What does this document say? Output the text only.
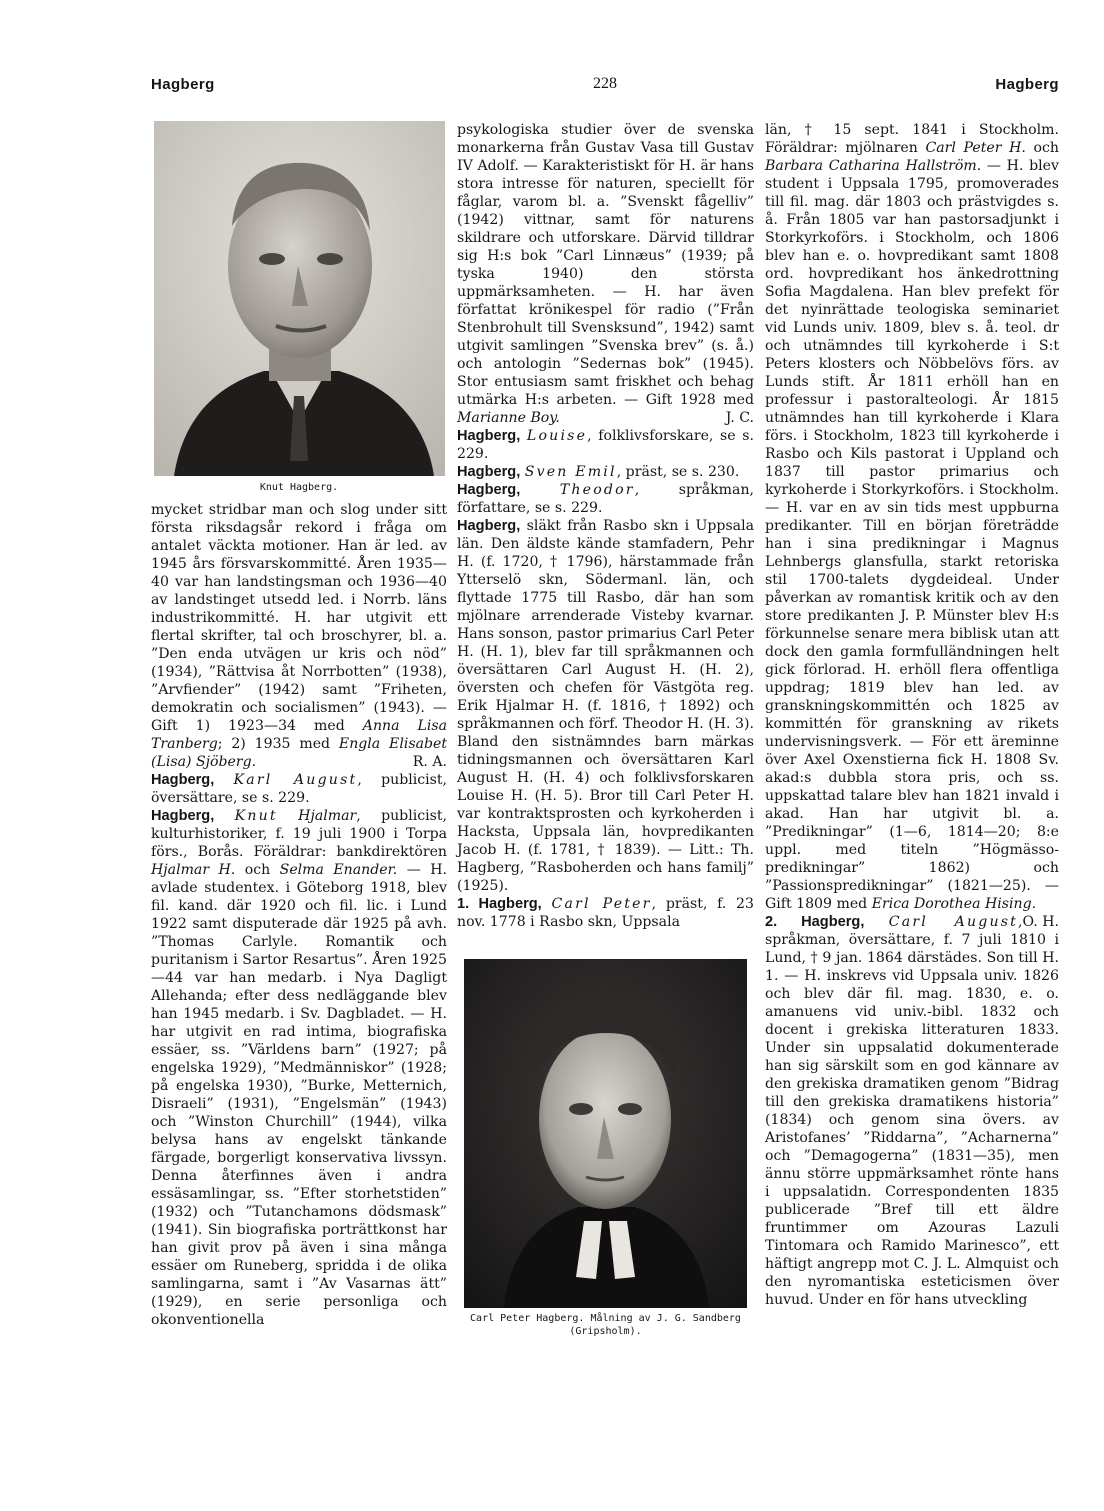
Hagberg	228	Hagberg
Knut Hagberg.

mycket stridbar man och slog under sitt första riksdagsår rekord i fråga om antalet väckta motioner. Han är led. av 1945 års försvarskommitté. Åren 1935—40 var han landstingsman och 1936—40 av landstinget utsedd led. i Norrb. läns industrikommitté. H. har utgivit ett flertal skrifter, tal och broschyrer, bl. a. ”Den enda utvägen ur kris och nöd” (1934), ”Rättvisa åt Norrbotten” (1938), ”Arvfiender” (1942) samt ”Friheten, demokratin och socialismen” (1943). — Gift 1) 1923—34 med Anna Lisa Tranberg; 2) 1935 med Engla Elisabet (Lisa) Sjöberg.	R. A.

Hagberg, Karl August, publicist, översättare, se s. 229.

Hagberg, Knut Hjalmar, publicist, kulturhistoriker, f. 19 juli 1900 i Torpa förs., Borås. Föräldrar: bankdirektören Hjalmar H. och Selma Enander. — H. avlade studentex. i Göteborg 1918, blev fil. kand. där 1920 och fil. lic. i Lund 1922 samt disputerade där 1925 på avh. ”Thomas Carlyle. Romantik och puritanism i Sartor Resartus”. Åren 1925—44 var han medarb. i Nya Dagligt Allehanda; efter dess nedläggande blev han 1945 medarb. i Sv. Dagbladet. — H. har utgivit en rad intima, biografiska essäer, ss. ”Världens barn” (1927; på engelska 1929), ”Medmänniskor” (1928; på engelska 1930), ”Burke, Metternich, Disraeli” (1931), ”Engelsmän” (1943) och ”Winston Churchill” (1944), vilka belysa hans av engelskt tänkande färgade, borgerligt konservativa livssyn. Denna återfinnes även i andra essäsamlingar, ss. ”Efter storhetstiden” (1932) och ”Tutanchamons dödsmask” (1941). Sin biografiska porträttkonst har han givit prov på även i sina många essäer om Runeberg, spridda i de olika samlingarna, samt i ”Av Vasarnas ätt” (1929), en serie personliga och okonventionella

psykologiska studier över de svenska monarkerna från Gustav Vasa till Gustav IV Adolf. — Karakteristiskt för H. är hans stora intresse för naturen, speciellt för fåglar, varom bl. a. ”Svenskt fågelliv” (1942) vittnar, samt för naturens skildrare och utforskare. Därvid tilldrar sig H:s bok ”Carl Linnæus” (1939; på tyska 1940) den största uppmärksamheten. — H. har även författat krönikespel för radio (”Från Stenbrohult till Svensksund”, 1942) samt utgivit samlingen ”Svenska brev” (s. å.) och antologin ”Sedernas bok” (1945). Stor entusiasm samt friskhet och behag utmärka H:s arbeten. — Gift 1928 med Marianne Boy.	J. C.

Hagberg, Louise, folklivsforskare, se s. 229.

Hagberg, Sven Emil, präst, se s. 230.

Hagberg,	Theodor, språkman, författare, se s. 229.

Hagberg, släkt från Rasbo skn i Uppsala län. Den äldste kände stamfadern, Pehr H. (f. 1720, † 1796), härstammade från Ytterselö skn, Södermanl. län, och flyttade 1775 till Rasbo, där han som mjölnare arrenderade Visteby kvarnar. Hans sonson, pastor primarius Carl Peter H. (H. 1), blev far till språkmannen och översättaren Carl August H. (H. 2), översten och chefen för Västgöta reg. Erik Hjalmar H. (f. 1816, † 1892) och språkmannen och förf. Theodor H. (H. 3). Bland den sistnämndes barn märkas tidningsmannen och översättaren Karl August H. (H. 4) och folklivsforskaren Louise H. (H. 5). Bror till Carl Peter H. var kontraktsprosten och kyrkoherden i Hacksta, Uppsala län, hovpredikanten Jacob H. (f. 1781, † 1839). — Litt.: Th. Hagberg, ”Rasboherden och hans familj” (1925).

1. Hagberg, Carl Peter, präst, f. 23 nov. 1778 i Rasbo skn, Uppsala

Carl Peter Hagberg. Målning av J. G. Sandberg (Gripsholm).

län, † 15 sept. 1841 i Stockholm. Föräldrar: mjölnaren Carl Peter H. och Barbara Catharina Hallström. — H. blev student i Uppsala 1795, promoverades till fil. mag. där 1803 och prästvigdes s. å. Från 1805 var han pastorsadjunkt i Storkyrkoförs. i Stockholm, och 1806 blev han e. o. hovpredikant samt 1808 ord. hovpredikant hos änkedrottning Sofia Magdalena. Han blev prefekt för det nyinrättade teologiska seminariet vid Lunds univ. 1809, blev s. å. teol. dr och utnämndes till kyrkoherde i S:t Peters klosters och Nöbbelövs förs. av Lunds stift. År 1811 erhöll han en professur i pastoralteologi. År 1815 utnämndes han till kyrkoherde i Klara förs. i Stockholm, 1823 till kyrkoherde i Rasbo och Kils pastorat i Uppland och 1837 till pastor primarius och kyrkoherde i Storkyrkoförs. i Stockholm. — H. var en av sin tids mest uppburna predikanter. Till en början företrädde han i sina predikningar i Magnus Lehnbergs glansfulla, starkt retoriska stil 1700-talets dygdeideal. Under påverkan av romantisk kritik och av den store predikanten J. P. Münster blev H:s förkunnelse senare mera biblisk utan att dock den gamla formfulländningen helt gick förlorad. H. erhöll flera offentliga uppdrag; 1819 blev han led. av granskningskommittén och 1825 av kommittén för granskning av rikets undervisningsverk. — För ett äreminne över Axel Oxenstierna fick H. 1808 Sv. akad:s dubbla stora pris, och ss. uppskattad talare blev han 1821 invald i akad. Han har utgivit bl. a. ”Predikningar” (1—6, 1814—20; 8:e uppl. med titeln ”Högmässo-predikningar” 1862) och ”Passionspredikningar” (1821—25). — Gift 1809 med Erica Dorothea Hising.
O. H.

2. Hagberg, Carl August, språkman, översättare, f. 7 juli 1810 i Lund, † 9 jan. 1864 därstädes. Son till H. 1. — H. inskrevs vid Uppsala univ. 1826 och blev där fil. mag. 1830, e. o. amanuens vid univ.-bibl. 1832 och docent i grekiska litteraturen 1833. Under sin uppsalatid dokumenterade han sig särskilt som en god kännare av den grekiska dramatiken genom ”Bidrag till den grekiska dramatikens historia” (1834) och genom sina övers. av Aristofanes’ ”Riddarna”, ”Acharnerna” och ”Demagogerna” (1831—35), men ännu större uppmärksamhet rönte hans i uppsalatidn. Correspondenten 1835 publicerade ”Bref till ett äldre fruntimmer om Azouras Lazuli Tintomara och Ramido Marinesco”, ett häftigt angrepp mot C. J. L. Almquist och den nyromantiska esteticismen över huvud. Under en för hans utveckling
